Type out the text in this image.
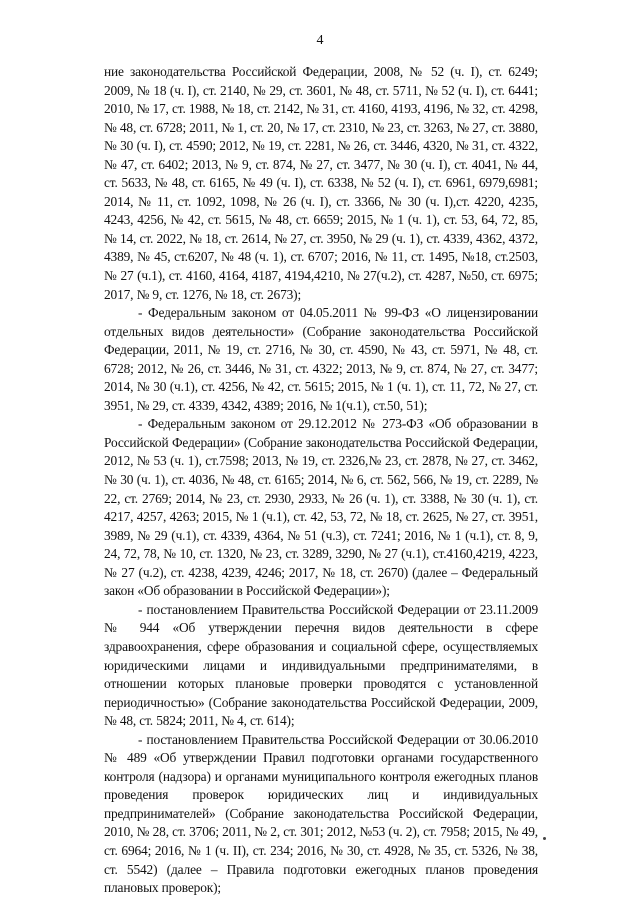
4

ние законодательства Российской Федерации, 2008, № 52 (ч. I), ст. 6249; 2009, № 18 (ч. I), ст. 2140, № 29, ст. 3601, № 48, ст. 5711, № 52 (ч. I), ст. 6441; 2010, № 17, ст. 1988, № 18, ст. 2142, № 31, ст. 4160, 4193, 4196, № 32, ст. 4298, № 48, ст. 6728; 2011, № 1, ст. 20, № 17, ст. 2310, № 23, ст. 3263, № 27, ст. 3880, № 30 (ч. I), ст. 4590; 2012, № 19, ст. 2281, № 26, ст. 3446, 4320, № 31, ст. 4322, № 47, ст. 6402; 2013, № 9, ст. 874, № 27, ст. 3477, № 30 (ч. I), ст. 4041, № 44, ст. 5633, № 48, ст. 6165, № 49 (ч. I), ст. 6338, № 52 (ч. I), ст. 6961, 6979,6981; 2014, № 11, ст. 1092, 1098, № 26 (ч. I), ст. 3366, № 30 (ч. I),ст. 4220, 4235, 4243, 4256, № 42, ст. 5615, № 48, ст. 6659; 2015, № 1 (ч. 1), ст. 53, 64, 72, 85, № 14, ст. 2022, № 18, ст. 2614, № 27, ст. 3950, № 29 (ч. 1), ст. 4339, 4362, 4372, 4389, № 45, ст.6207, № 48 (ч. 1), ст. 6707; 2016, № 11, ст. 1495, №18, ст.2503, № 27 (ч.1), ст. 4160, 4164, 4187, 4194,4210, № 27(ч.2), ст. 4287, №50, ст. 6975; 2017, № 9, ст. 1276, № 18, ст. 2673);

- Федеральным законом от 04.05.2011 № 99-ФЗ «О лицензировании отдельных видов деятельности» (Собрание законодательства Российской Федерации, 2011, № 19, ст. 2716, № 30, ст. 4590, № 43, ст. 5971, № 48, ст. 6728; 2012, № 26, ст. 3446, № 31, ст. 4322; 2013, № 9, ст. 874, № 27, ст. 3477; 2014, № 30 (ч.1), ст. 4256, № 42, ст. 5615; 2015, № 1 (ч. 1), ст. 11, 72, № 27, ст. 3951, № 29, ст. 4339, 4342, 4389; 2016, № 1(ч.1), ст.50, 51);

- Федеральным законом от 29.12.2012 № 273-ФЗ «Об образовании в Российской Федерации» (Собрание законодательства Российской Федерации, 2012, № 53 (ч. 1), ст.7598; 2013, № 19, ст. 2326,№ 23, ст. 2878, № 27, ст. 3462, № 30 (ч. 1), ст. 4036, № 48, ст. 6165; 2014, № 6, ст. 562, 566, № 19, ст. 2289, № 22, ст. 2769; 2014, № 23, ст. 2930, 2933, № 26 (ч. 1), ст. 3388, № 30 (ч. 1), ст. 4217, 4257, 4263; 2015, № 1 (ч.1), ст. 42, 53, 72, № 18, ст. 2625, № 27, ст. 3951, 3989, № 29 (ч.1), ст. 4339, 4364, № 51 (ч.3), ст. 7241; 2016, № 1 (ч.1), ст. 8, 9, 24, 72, 78, № 10, ст. 1320, № 23, ст. 3289, 3290, № 27 (ч.1), ст.4160,4219, 4223, № 27 (ч.2), ст. 4238, 4239, 4246; 2017, № 18, ст. 2670) (далее – Федеральный закон «Об образовании в Российской Федерации»);

- постановлением Правительства Российской Федерации от 23.11.2009 № 944 «Об утверждении перечня видов деятельности в сфере здравоохранения, сферe образования и социальной сфере, осуществляемых юридическими лицами и индивидуальными предпринимателями, в отношении которых плановые проверки проводятся с установленной периодичностью» (Собрание законодательства Российской Федерации, 2009, № 48, ст. 5824; 2011, № 4, ст. 614);

- постановлением Правительства Российской Федерации от 30.06.2010 № 489 «Об утверждении Правил подготовки органами государственного контроля (надзора) и органами муниципального контроля ежегодных планов проведения проверок юридических лиц и индивидуальных предпринимателей» (Собрание законодательства Российской Федерации, 2010, № 28, ст. 3706; 2011, № 2, ст. 301; 2012, №53 (ч. 2), ст. 7958; 2015, № 49, ст. 6964; 2016, № 1 (ч. II), ст. 234; 2016, № 30, ст. 4928, № 35, ст. 5326, № 38, ст. 5542) (далее – Правила подготовки ежегодных планов проведения плановых проверок);
